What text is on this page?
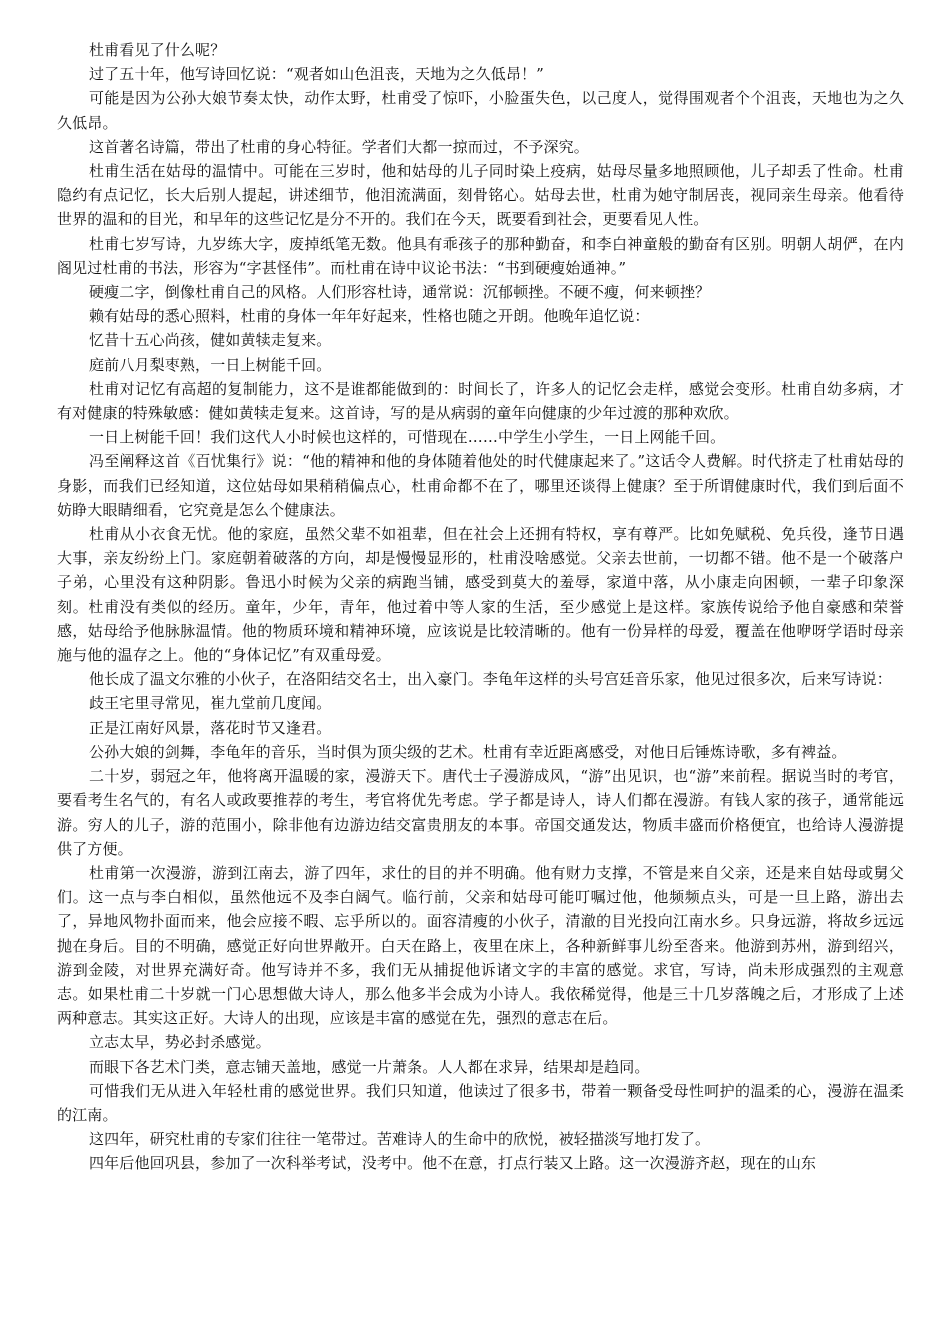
杜甫看见了什么呢？

过了五十年，他写诗回忆说：“观者如山色沮丧，天地为之久低昂！”

可能是因为公孙大娘节奏太快，动作太野，杜甫受了惊吓，小脸蛋失色，以己度人，觉得围观者个个沮丧，天地也为之久久低昂。

这首著名诗篇，带出了杜甫的身心特征。学者们大都一掠而过，不予深究。

杜甫生活在姑母的温情中。可能在三岁时，他和姑母的儿子同时染上疫病，姑母尽量多地照顾他，儿子却丢了性命。杜甫隐约有点记忆，长大后别人提起，讲述细节，他泪流满面，刻骨铭心。姑母去世，杜甫为她守制居丧，视同亲生母亲。他看待世界的温和的目光，和早年的这些记忆是分不开的。我们在今天，既要看到社会，更要看见人性。

杜甫七岁写诗，九岁练大字，废掉纸笔无数。他具有乖孩子的那种勤奋，和李白神童般的勤奋有区别。明朝人胡俨，在内阁见过杜甫的书法，形容为“字甚怪伟”。而杜甫在诗中议论书法：“书到硬瘦始通神。”

硬瘦二字，倒像杜甫自己的风格。人们形容杜诗，通常说：沉郁顿挫。不硬不瘦，何来顿挫？

赖有姑母的悉心照料，杜甫的身体一年年好起来，性格也随之开朗。他晚年追忆说：

忆昔十五心尚孩，健如黄犊走复来。

庭前八月梨枣熟，一日上树能千回。

杜甫对记忆有高超的复制能力，这不是谁都能做到的：时间长了，许多人的记忆会走样，感觉会变形。杜甫自幼多病，才有对健康的特殊敏感：健如黄犊走复来。这首诗，写的是从病弱的童年向健康的少年过渡的那种欢欣。

一日上树能千回！我们这代人小时候也这样的，可惜现在……中学生小学生，一日上网能千回。

冯至阐释这首《百忧集行》说：“他的精神和他的身体随着他处的时代健康起来了。”这话令人费解。时代挤走了杜甫姑母的身影，而我们已经知道，这位姑母如果稍稍偏点心，杜甫命都不在了，哪里还谈得上健康？至于所谓健康时代，我们到后面不妨睁大眼睛细看，它究竟是怎么个健康法。

杜甫从小衣食无忧。他的家庭，虽然父辈不如祖辈，但在社会上还拥有特权，享有尊严。比如免赋税、免兵役，逢节日遇大事，亲友纷纷上门。家庭朝着破落的方向，却是慢慢显形的，杜甫没啥感觉。父亲去世前，一切都不错。他不是一个破落户子弟，心里没有这种阴影。鲁迅小时候为父亲的病跑当铺，感受到莫大的羞辱，家道中落，从小康走向困顿，一辈子印象深刻。杜甫没有类似的经历。童年，少年，青年，他过着中等人家的生活，至少感觉上是这样。家族传说给予他自豪感和荣誉感，姑母给予他脉脉温情。他的物质环境和精神环境，应该说是比较清晰的。他有一份异样的母爱，覆盖在他咿呀学语时母亲施与他的温存之上。他的“身体记忆”有双重母爱。

他长成了温文尔雅的小伙子，在洛阳结交名士，出入豪门。李龟年这样的头号宫廷音乐家，他见过很多次，后来写诗说：

歧王宅里寻常见，崔九堂前几度闻。

正是江南好风景，落花时节又逢君。

公孙大娘的剑舞，李龟年的音乐，当时俱为顶尖级的艺术。杜甫有幸近距离感受，对他日后锤炼诗歌，多有裨益。

二十岁，弱冠之年，他将离开温暖的家，漫游天下。唐代士子漫游成风，“游”出见识，也“游”来前程。据说当时的考官，要看考生名气的，有名人或政要推荐的考生，考官将优先考虑。学子都是诗人，诗人们都在漫游。有钱人家的孩子，通常能远游。穷人的儿子，游的范围小，除非他有边游边结交富贵朋友的本事。帝国交通发达，物质丰盛而价格便宜，也给诗人漫游提供了方便。

杜甫第一次漫游，游到江南去，游了四年，求仕的目的并不明确。他有财力支撑，不管是来自父亲，还是来自姑母或舅父们。这一点与李白相似，虽然他远不及李白阔气。临行前，父亲和姑母可能叮嘱过他，他频频点头，可是一旦上路，游出去了，异地风物扑面而来，他会应接不暇、忘乎所以的。面容清瘦的小伙子，清澈的目光投向江南水乡。只身远游，将故乡远远抛在身后。目的不明确，感觉正好向世界敞开。白天在路上，夜里在床上，各种新鲜事儿纷至沓来。他游到苏州，游到绍兴，游到金陵，对世界充满好奇。他写诗并不多，我们无从捕捉他诉诸文字的丰富的感觉。求官，写诗，尚未形成强烈的主观意志。如果杜甫二十岁就一门心思想做大诗人，那么他多半会成为小诗人。我依稀觉得，他是三十几岁落魄之后，才形成了上述两种意志。其实这正好。大诗人的出现，应该是丰富的感觉在先，强烈的意志在后。

立志太早，势必封杀感觉。

而眼下各艺术门类，意志铺天盖地，感觉一片萧条。人人都在求异，结果却是趋同。

可惜我们无从进入年轻杜甫的感觉世界。我们只知道，他读过了很多书，带着一颗备受母性呵护的温柔的心，漫游在温柔的江南。

这四年，研究杜甫的专家们往往一笔带过。苦难诗人的生命中的欣悦，被轻描淡写地打发了。

四年后他回巩县，参加了一次科举考试，没考中。他不在意，打点行装又上路。这一次漫游齐赵，现在的山东
